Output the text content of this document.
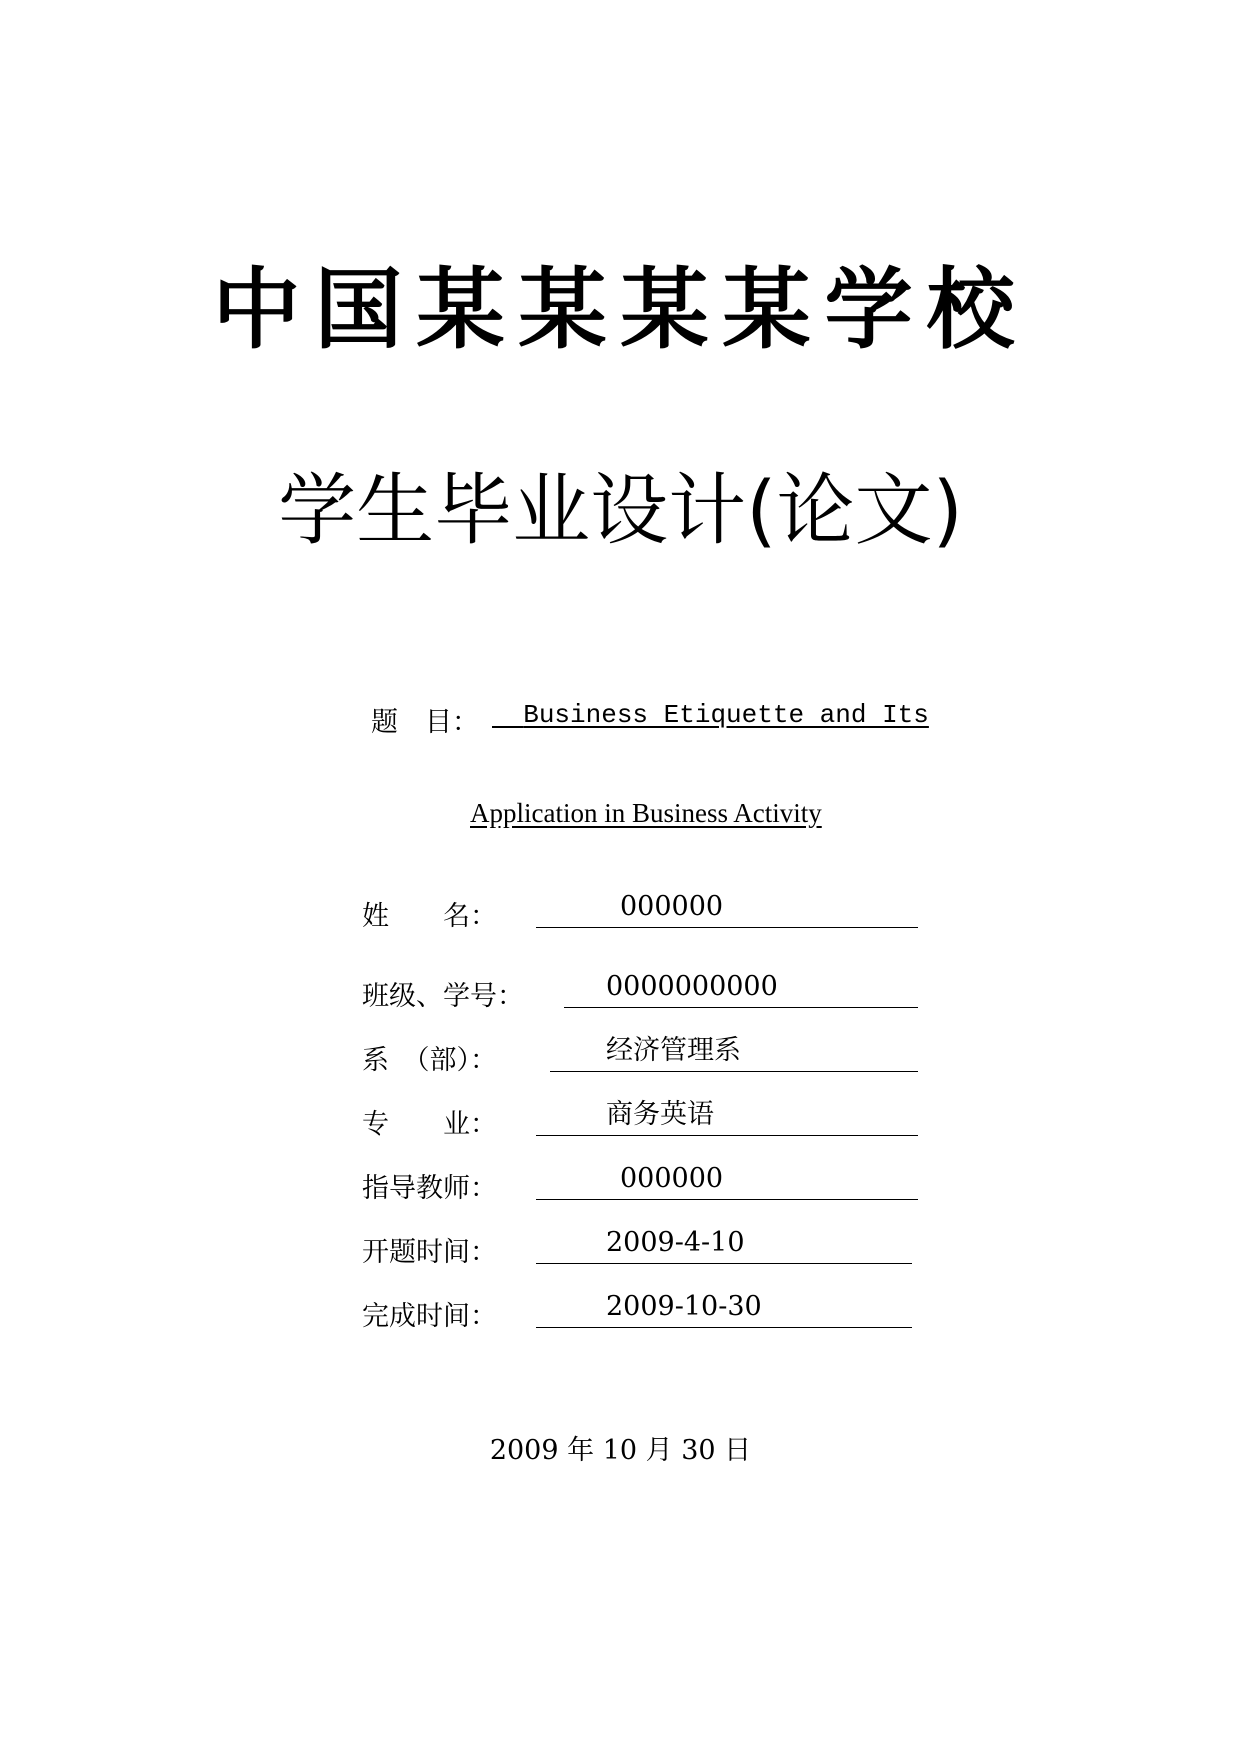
中国某某某某学校
学生毕业设计(论文)
题　目：	Business Etiquette and Its
Application in Business Activity
姓　　名：	000000
班级、学号：	0000000000
系　（部）：	经济管理系
专　　业：	商务英语
指导教师：	000000
开题时间：	2009-4-10
完成时间：	2009-10-30
2009 年 10 月 30 日
